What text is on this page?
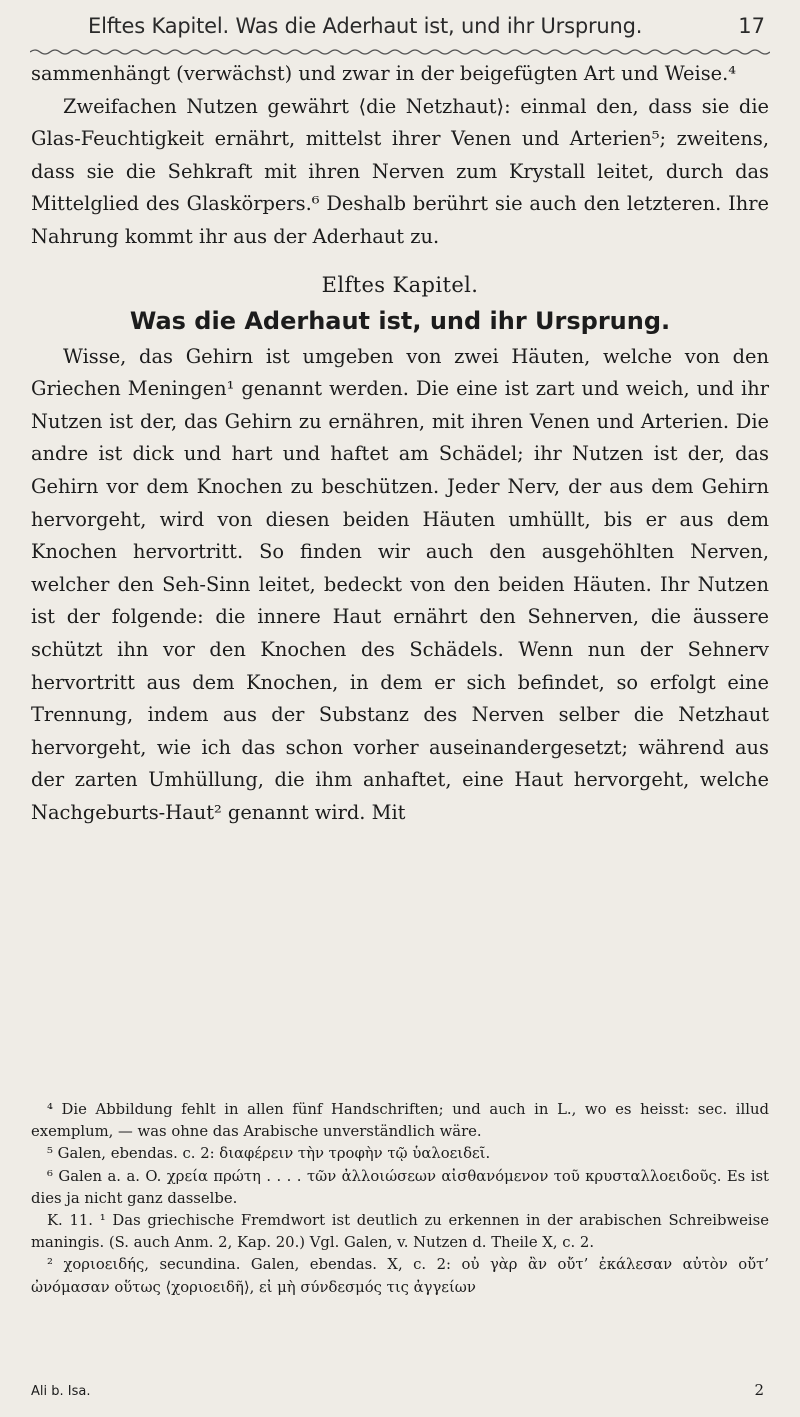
Elftes Kapitel. Was die Aderhaut ist, und ihr Ursprung.	17

sammenhängt (verwächst) und zwar in der beigefügten Art und Weise.⁴

Zweifachen Nutzen gewährt ⟨die Netzhaut⟩: einmal den, dass sie die Glas-Feuchtigkeit ernährt, mittelst ihrer Venen und Arterien⁵; zweitens, dass sie die Sehkraft mit ihren Nerven zum Krystall leitet, durch das Mittelglied des Glaskörpers.⁶ Deshalb berührt sie auch den letzteren. Ihre Nahrung kommt ihr aus der Aderhaut zu.

Elftes Kapitel.
Was die Aderhaut ist, und ihr Ursprung.

Wisse, das Gehirn ist umgeben von zwei Häuten, welche von den Griechen Meningen¹ genannt werden. Die eine ist zart und weich, und ihr Nutzen ist der, das Gehirn zu ernähren, mit ihren Venen und Arterien. Die andre ist dick und hart und haftet am Schädel; ihr Nutzen ist der, das Gehirn vor dem Knochen zu beschützen. Jeder Nerv, der aus dem Gehirn hervorgeht, wird von diesen beiden Häuten umhüllt, bis er aus dem Knochen hervortritt. So finden wir auch den ausgehöhlten Nerven, welcher den Seh-Sinn leitet, bedeckt von den beiden Häuten. Ihr Nutzen ist der folgende: die innere Haut ernährt den Sehnerven, die äussere schützt ihn vor den Knochen des Schädels. Wenn nun der Sehnerv hervortritt aus dem Knochen, in dem er sich befindet, so erfolgt eine Trennung, indem aus der Substanz des Nerven selber die Netzhaut hervorgeht, wie ich das schon vorher auseinandergesetzt; während aus der zarten Umhüllung, die ihm anhaftet, eine Haut hervorgeht, welche Nachgeburts-Haut² genannt wird. Mit

⁴ Die Abbildung fehlt in allen fünf Handschriften; und auch in L., wo es heisst: sec. illud exemplum, — was ohne das Arabische unverständlich wäre.

⁵ Galen, ebendas. c. 2: διαφέρειν τὴν τροφὴν τῷ ὑαλοειδεῖ.

⁶ Galen a. a. O. χρεία πρώτη . . . . τῶν ἀλλοιώσεων αἰσθανόμενον τοῦ κρυσταλλοειδοῦς. Es ist dies ja nicht ganz dasselbe.

K. 11. ¹ Das griechische Fremdwort ist deutlich zu erkennen in der arabischen Schreibweise maningis. (S. auch Anm. 2, Kap. 20.) Vgl. Galen, v. Nutzen d. Theile X, c. 2.

² χοριοειδής, secundina. Galen, ebendas. X, c. 2: οὐ γὰρ ἂν οὔτ’ ἐκάλεσαν αὐτὸν οὔτ’ ὠνόμασαν οὕτως ⟨χοριοειδῆ⟩, εἰ μὴ σύνδεσμός τις ἀγγείων

Ali b. Isa.	2
